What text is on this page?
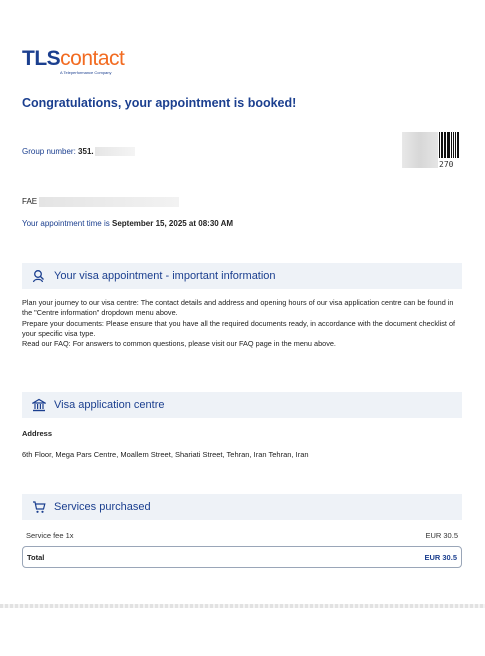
TLScontact
A Teleperformance Company
Congratulations, your appointment is booked!
Group number: 351.
270
FAE
Your appointment time is September 15, 2025 at 08:30 AM
Your visa appointment - important information

Plan your journey to our visa centre: The contact details and address and opening hours of our visa application centre can be found in the "Centre information" dropdown menu above.

Prepare your documents: Please ensure that you have all the required documents ready, in accordance with the document checklist of your specific visa type.

Read our FAQ: For answers to common questions, please visit our FAQ page in the menu above.

Visa application centre
Address
6th Floor, Mega Pars Centre, Moallem Street, Shariati Street, Tehran, Iran Tehran, Iran
Services purchased
Service fee 1x	EUR 30.5
Total	EUR 30.5
